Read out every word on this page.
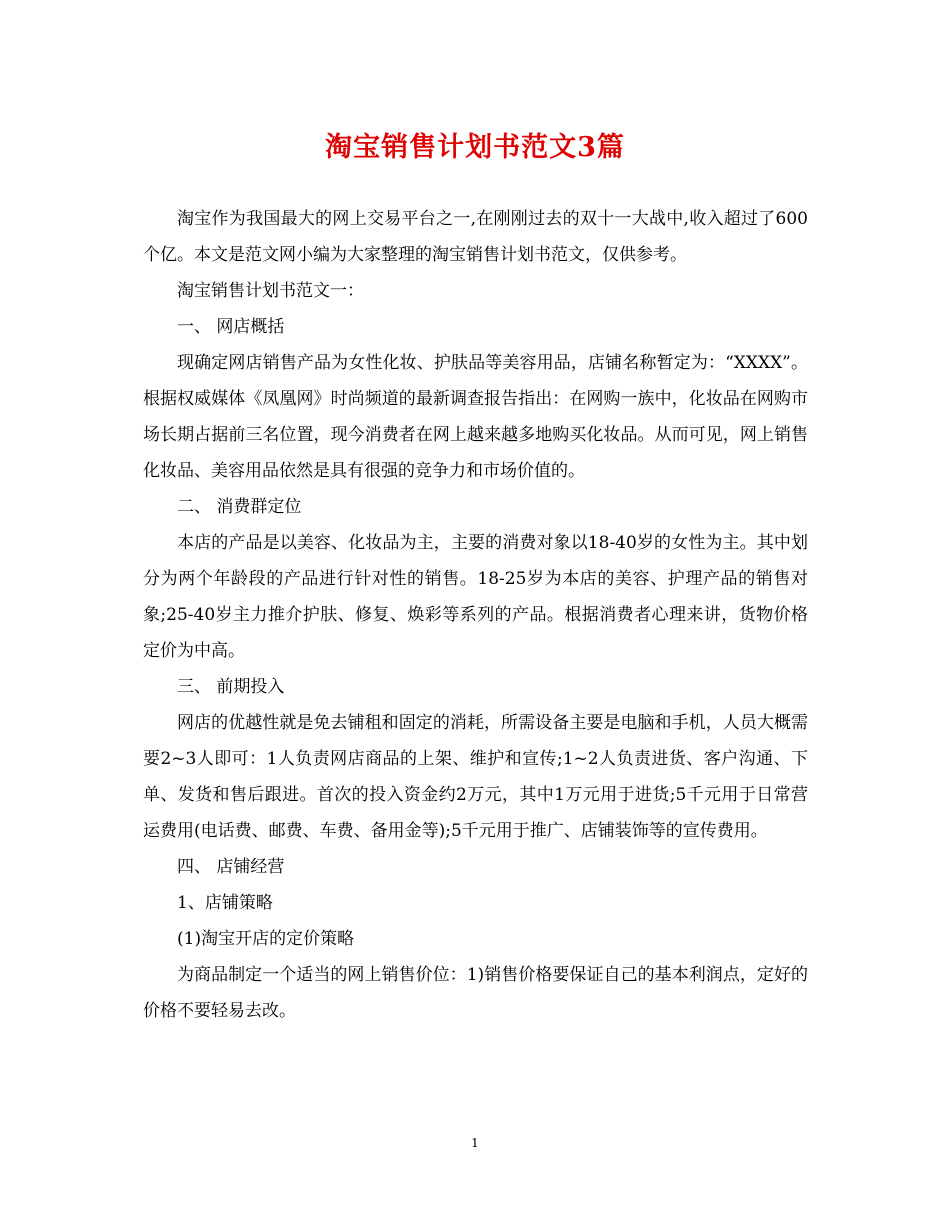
淘宝销售计划书范文3篇

淘宝作为我国最大的网上交易平台之一,在刚刚过去的双十一大战中,收入超过了600个亿。本文是范文网小编为大家整理的淘宝销售计划书范文，仅供参考。

淘宝销售计划书范文一：

一、 网店概括

现确定网店销售产品为女性化妆、护肤品等美容用品，店铺名称暂定为：“XXXX”。根据权威媒体《凤凰网》时尚频道的最新调查报告指出：在网购一族中，化妆品在网购市场长期占据前三名位置，现今消费者在网上越来越多地购买化妆品。从而可见，网上销售化妆品、美容用品依然是具有很强的竞争力和市场价值的。

二、 消费群定位

本店的产品是以美容、化妆品为主，主要的消费对象以18-40岁的女性为主。其中划分为两个年龄段的产品进行针对性的销售。18-25岁为本店的美容、护理产品的销售对象;25-40岁主力推介护肤、修复、焕彩等系列的产品。根据消费者心理来讲，货物价格定价为中高。

三、 前期投入

网店的优越性就是免去铺租和固定的消耗，所需设备主要是电脑和手机，人员大概需要2~3人即可：1人负责网店商品的上架、维护和宣传;1~2人负责进货、客户沟通、下单、发货和售后跟进。首次的投入资金约2万元，其中1万元用于进货;5千元用于日常营运费用(电话费、邮费、车费、备用金等);5千元用于推广、店铺装饰等的宣传费用。

四、 店铺经营

1、店铺策略

(1)淘宝开店的定价策略

为商品制定一个适当的网上销售价位：1)销售价格要保证自己的基本利润点，定好的价格不要轻易去改。

1
